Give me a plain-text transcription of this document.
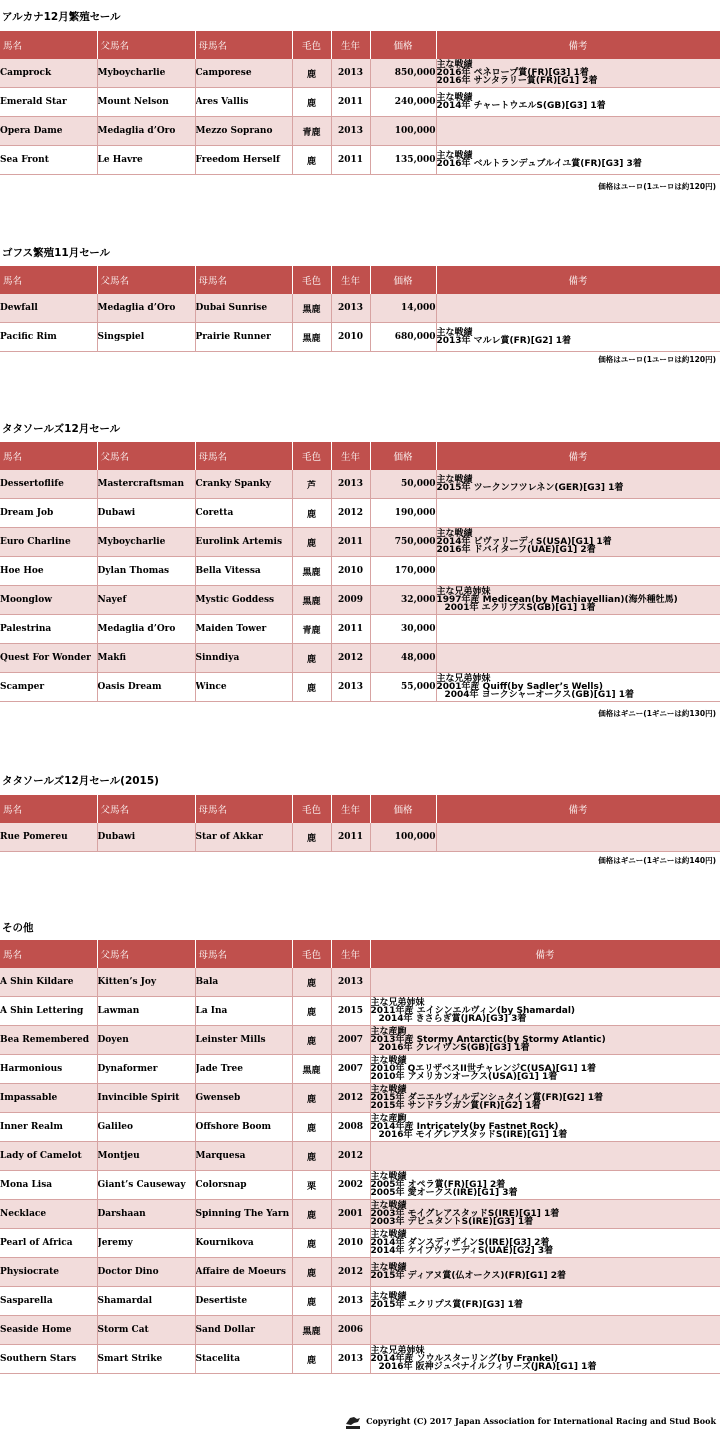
アルカナ12月繁殖セール
馬名	父馬名	母馬名	毛色	生年	価格	備考
Camprock	Myboycharlie	Camporese	鹿	2013	850,000	主な戦績
2016年 ペネロープ賞(FR)[G3] 1着
2016年 サンタラリー賞(FR)[G1] 2着

Emerald Star	Mount Nelson	Ares Vallis	鹿	2011	240,000	主な戦績
2014年 チャートウエルS(GB)[G3] 1着

Opera Dame	Medaglia d’Oro	Mezzo Soprano	青鹿	2013	100,000	
Sea Front	Le Havre	Freedom Herself	鹿	2011	135,000	主な戦績
2016年 ベルトランデュブルイユ賞(FR)[G3] 3着
価格はユーロ(1ユーロは約120円)
ゴフス繁殖11月セール
馬名	父馬名	母馬名	毛色	生年	価格	備考
Dewfall	Medaglia d’Oro	Dubai Sunrise	黒鹿	2013	14,000	
Pacific Rim	Singspiel	Prairie Runner	黒鹿	2010	680,000	主な戦績
2013年 マルレ賞(FR)[G2] 1着
価格はユーロ(1ユーロは約120円)
タタソールズ12月セール
馬名	父馬名	母馬名	毛色	生年	価格	備考
Dessertoflife	Mastercraftsman	Cranky Spanky	芦	2013	50,000	主な戦績
2015年 ツークンフツレネン(GER)[G3] 1着

Dream Job	Dubawi	Coretta	鹿	2012	190,000	
Euro Charline	Myboycharlie	Eurolink Artemis	鹿	2011	750,000	主な戦績
2014年 ビヴァリーディS(USA)[G1] 1着
2016年 ドバイターフ(UAE)[G1] 2着

Hoe Hoe	Dylan Thomas	Bella Vitessa	黒鹿	2010	170,000	
Moonglow	Nayef	Mystic Goddess	黒鹿	2009	32,000	主な兄弟姉妹
1997年産 Medicean(by Machiavellian)(海外種牡馬)
2001年 エクリプスS(GB)[G1] 1着

Palestrina	Medaglia d’Oro	Maiden Tower	青鹿	2011	30,000	
Quest For Wonder	Makfi	Sinndiya	鹿	2012	48,000	
Scamper	Oasis Dream	Wince	鹿	2013	55,000	主な兄弟姉妹
2001年産 Quiff(by Sadler’s Wells)
2004年 ヨークシャーオークス(GB)[G1] 1着
価格はギニー(1ギニーは約130円)
タタソールズ12月セール(2015)
馬名	父馬名	母馬名	毛色	生年	価格	備考
Rue Pomereu	Dubawi	Star of Akkar	鹿	2011	100,000	
価格はギニー(1ギニーは約140円)
その他
馬名	父馬名	母馬名	毛色	生年	備考
A Shin Kildare	Kitten’s Joy	Bala	鹿	2013	
A Shin Lettering	Lawman	La Ina	鹿	2015	主な兄弟姉妹
2011年産 エイシンエルヴィン(by Shamardal)
2014年 きさらぎ賞(JRA)[G3] 3着

Bea Remembered	Doyen	Leinster Mills	鹿	2007	主な産駒
2013年産 Stormy Antarctic(by Stormy Atlantic)
2016年 クレイヴンS(GB)[G3] 1着

Harmonious	Dynaformer	Jade Tree	黒鹿	2007	主な戦績
2010年 QエリザベスII世チャレンジC(USA)[G1] 1着
2010年 アメリカンオークス(USA)[G1] 1着

Impassable	Invincible Spirit	Gwenseb	鹿	2012	主な戦績
2015年 ダニエルヴィルデンシュタイン賞(FR)[G2] 1着
2015年 サンドランガン賞(FR)[G2] 1着

Inner Realm	Galileo	Offshore Boom	鹿	2008	主な産駒
2014年産 Intricately(by Fastnet Rock)
2016年 モイグレアスタッドS(IRE)[G1] 1着

Lady of Camelot	Montjeu	Marquesa	鹿	2012	
Mona Lisa	Giant’s Causeway	Colorsnap	栗	2002	主な戦績
2005年 オペラ賞(FR)[G1] 2着
2005年 愛オークス(IRE)[G1] 3着

Necklace	Darshaan	Spinning The Yarn	鹿	2001	主な戦績
2003年 モイグレアスタッドS(IRE)[G1] 1着
2003年 デビュタントS(IRE)[G3] 1着

Pearl of Africa	Jeremy	Kournikova	鹿	2010	主な戦績
2014年 ダンスディザインS(IRE)[G3] 2着
2014年 ケイプヴァーディS(UAE)[G2] 3着

Physiocrate	Doctor Dino	Affaire de Moeurs	鹿	2012	主な戦績
2015年 ディアヌ賞(仏オークス)(FR)[G1] 2着

Sasparella	Shamardal	Desertiste	鹿	2013	主な戦績
2015年 エクリプス賞(FR)[G3] 1着

Seaside Home	Storm Cat	Sand Dollar	黒鹿	2006	
Southern Stars	Smart Strike	Stacelita	鹿	2013	主な兄弟姉妹
2014年産 ソウルスターリング(by Frankel)
2016年 阪神ジュベナイルフィリーズ(JRA)[G1] 1着
Copyright (C) 2017 Japan Association for International Racing and Stud Book
